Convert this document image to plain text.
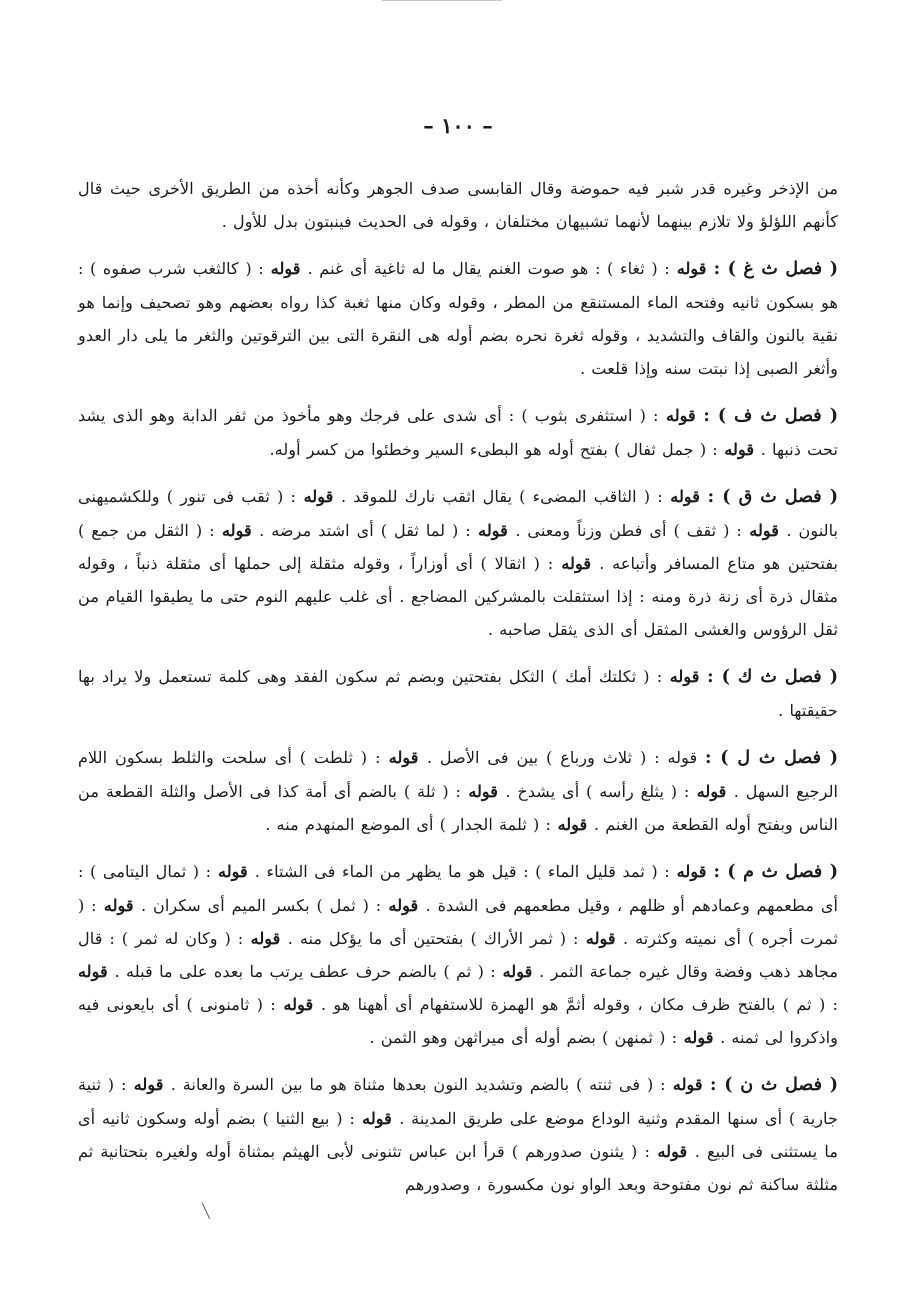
– ١٠٠ –

من الإذخر وغيره قدر شبر فيه حموضة وقال القابسى صدف الجوهر وكأنه أخذه من الطريق الأخرى حيث قال كأنهم اللؤلؤ ولا تلازم بينهما لأنهما تشبيهان مختلفان ، وقوله فى الحديث فينبتون بدل للأول .

( فصل ث غ ) : قوله : ( ثغاء ) : هو صوت الغنم يقال ما له ثاغية أى غنم . قوله : ( كالثغب شرب صفوه ) : هو بسكون ثانيه وفتحه الماء المستنقع من المطر ، وقوله وكان منها ثغبة كذا رواه بعضهم وهو تصحيف وإنما هو نقية بالنون والقاف والتشديد ، وقوله ثغرة نحره بضم أوله هى النقرة التى بين الترقوتين والثغر ما يلى دار العدو وأثغر الصبى إذا نبتت سنه وإذا قلعت .

( فصل ث ف ) : قوله : ( استثفرى بثوب ) : أى شدى على فرجك وهو مأخوذ من ثفر الدابة وهو الذى يشد تحت ذنبها . قوله : ( جمل ثفال ) بفتح أوله هو البطىء السير وخطئوا من كسر أوله.

( فصل ث ق ) : قوله : ( الثاقب المضىء ) يقال اثقب نارك للموقد . قوله : ( ثقب فى تنور ) وللكشميهنى بالنون . قوله : ( ثقف ) أى فطن وزناً ومعنى . قوله : ( لما ثقل ) أى اشتد مرضه . قوله : ( الثقل من جمع ) بفتحتين هو متاع المسافر وأتباعه . قوله : ( اثقالا ) أى أوزاراً ، وقوله مثقلة إلى حملها أى مثقلة ذنباً ، وقوله مثقال ذرة أى زنة ذرة ومنه : إذا استثقلت بالمشركين المضاجع . أى غلب عليهم النوم حتى ما يطيقوا القيام من ثقل الرؤوس والغشى المثقل أى الذى يثقل صاحبه .

( فصل ث ك ) : قوله : ( ثكلتك أمك ) الثكل بفتحتين وبضم ثم سكون الفقد وهى كلمة تستعمل ولا يراد بها حقيقتها .

( فصل ث ل ) : قوله : ( ثلاث ورباع ) بين فى الأصل . قوله : ( ثلطت ) أى سلحت والثلط بسكون اللام الرجيع السهل . قوله : ( يثلغ رأسه ) أى يشدخ . قوله : ( ثلة ) بالضم أى أمة كذا فى الأصل والثلة القطعة من الناس وبفتح أوله القطعة من الغنم . قوله : ( ثلمة الجدار ) أى الموضع المنهدم منه .

( فصل ث م ) : قوله : ( ثمد قليل الماء ) : قيل هو ما يظهر من الماء فى الشتاء . قوله : ( ثمال اليتامى ) : أى مطعمهم وعمادهم أو ظلهم ، وقيل مطعمهم فى الشدة . قوله : ( ثمل ) بكسر الميم أى سكران . قوله : ( ثمرت أجره ) أى نميته وكثرته . قوله : ( ثمر الأراك ) بفتحتين أى ما يؤكل منه . قوله : ( وكان له ثمر ) : قال مجاهد ذهب وفضة وقال غيره جماعة الثمر . قوله : ( ثم ) بالضم حرف عطف يرتب ما بعده على ما قبله . قوله : ( ثم ) بالفتح ظرف مكان ، وقوله أثمَّ هو الهمزة للاستفهام أى أههنا هو . قوله : ( ثامنونى ) أى بايعونى فيه واذكروا لى ثمنه . قوله : ( ثمنهن ) بضم أوله أى ميراثهن وهو الثمن .

( فصل ث ن ) : قوله : ( فى ثنته ) بالضم وتشديد النون بعدها مثناة هو ما بين السرة والعانة . قوله : ( ثنية جارية ) أى سنها المقدم وثنية الوداع موضع على طريق المدينة . قوله : ( بيع الثنيا ) بضم أوله وسكون ثانيه أى ما يستثنى فى البيع . قوله : ( يثنون صدورهم ) قرأ ابن عباس تثنونى لأبى الهيثم بمثناة أوله ولغيره بتحتانية ثم مثلثة ساكنة ثم نون مفتوحة وبعد الواو نون مكسورة ، وصدورهم
